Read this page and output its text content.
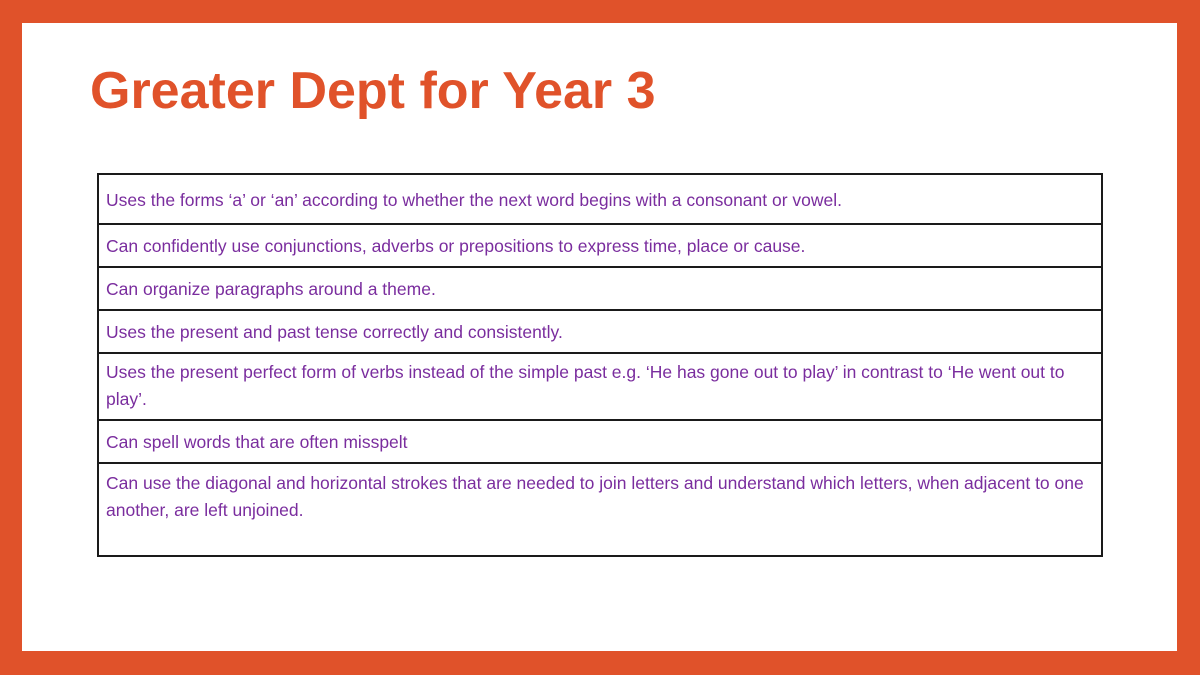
Greater Dept for Year 3
Uses the forms ‘a’ or ‘an’ according to whether the next word begins with a consonant or vowel.
Can confidently use conjunctions, adverbs or prepositions to express time, place or cause.
Can organize paragraphs around a theme.
Uses the present and past tense correctly and consistently.
Uses the present perfect form of verbs instead of the simple past e.g. ‘He has gone out to play’ in contrast to ‘He went out to play’.
Can spell words that are often misspelt
Can use the diagonal and horizontal strokes that are needed to join letters and understand which letters, when adjacent to one another, are left unjoined.
